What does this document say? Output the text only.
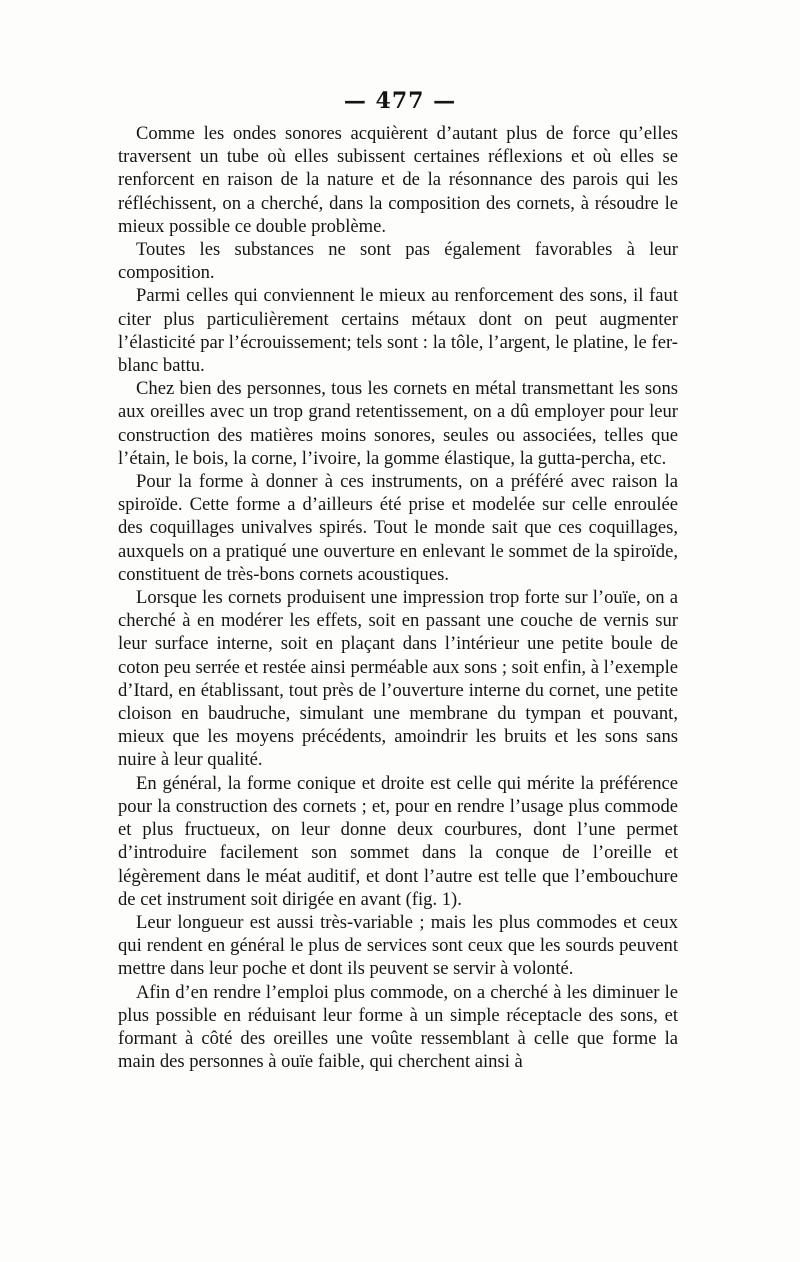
— 477 —

Comme les ondes sonores acquièrent d’autant plus de force qu’elles traversent un tube où elles subissent certaines réflexions et où elles se renforcent en raison de la nature et de la résonnance des parois qui les réfléchissent, on a cherché, dans la composition des cornets, à résoudre le mieux possible ce double problème.

Toutes les substances ne sont pas également favorables à leur composition.

Parmi celles qui conviennent le mieux au renforcement des sons, il faut citer plus particulièrement certains métaux dont on peut augmenter l’élasticité par l’écrouissement; tels sont : la tôle, l’argent, le platine, le fer-blanc battu.

Chez bien des personnes, tous les cornets en métal transmettant les sons aux oreilles avec un trop grand retentissement, on a dû employer pour leur construction des matières moins sonores, seules ou associées, telles que l’étain, le bois, la corne, l’ivoire, la gomme élastique, la gutta-percha, etc.

Pour la forme à donner à ces instruments, on a préféré avec raison la spiroïde. Cette forme a d’ailleurs été prise et modelée sur celle enroulée des coquillages univalves spirés. Tout le monde sait que ces coquillages, auxquels on a pratiqué une ouverture en enlevant le sommet de la spiroïde, constituent de très-bons cornets acoustiques.

Lorsque les cornets produisent une impression trop forte sur l’ouïe, on a cherché à en modérer les effets, soit en passant une couche de vernis sur leur surface interne, soit en plaçant dans l’intérieur une petite boule de coton peu serrée et restée ainsi perméable aux sons ; soit enfin, à l’exemple d’Itard, en établissant, tout près de l’ouverture interne du cornet, une petite cloison en baudruche, simulant une membrane du tympan et pouvant, mieux que les moyens précédents, amoindrir les bruits et les sons sans nuire à leur qualité.

En général, la forme conique et droite est celle qui mérite la préférence pour la construction des cornets ; et, pour en rendre l’usage plus commode et plus fructueux, on leur donne deux courbures, dont l’une permet d’introduire facilement son sommet dans la conque de l’oreille et légèrement dans le méat auditif, et dont l’autre est telle que l’embouchure de cet instrument soit dirigée en avant (fig. 1).

Leur longueur est aussi très-variable ; mais les plus commodes et ceux qui rendent en général le plus de services sont ceux que les sourds peuvent mettre dans leur poche et dont ils peuvent se servir à volonté.

Afin d’en rendre l’emploi plus commode, on a cherché à les diminuer le plus possible en réduisant leur forme à un simple réceptacle des sons, et formant à côté des oreilles une voûte ressemblant à celle que forme la main des personnes à ouïe faible, qui cherchent ainsi à
